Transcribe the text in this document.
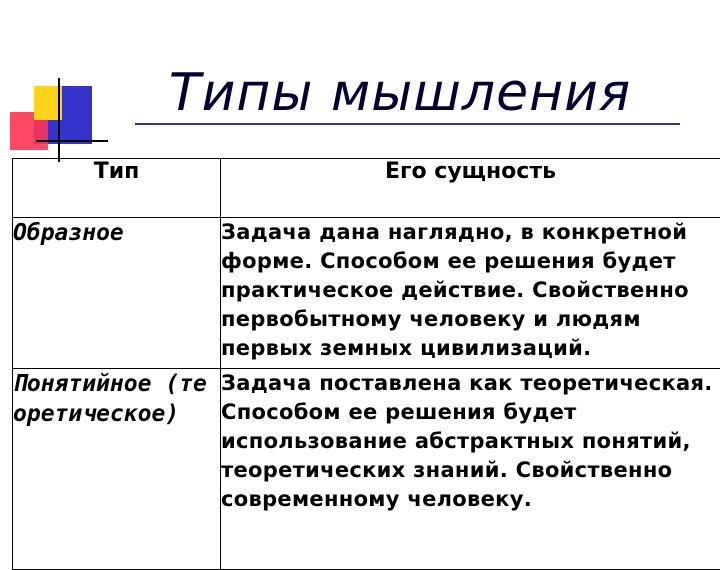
Типы мышления
Тип	Его сущность
Образное	Задача дана наглядно, в конкретной форме. Способом ее решения будет практическое действие. Свойственно первобытному человеку и людям первых земных цивилизаций.
Понятийное (теоретическое)	Задача поставлена как теоретическая. Способом ее решения будет использование абстрактных понятий, теоретических знаний. Свойственно современному человеку.
